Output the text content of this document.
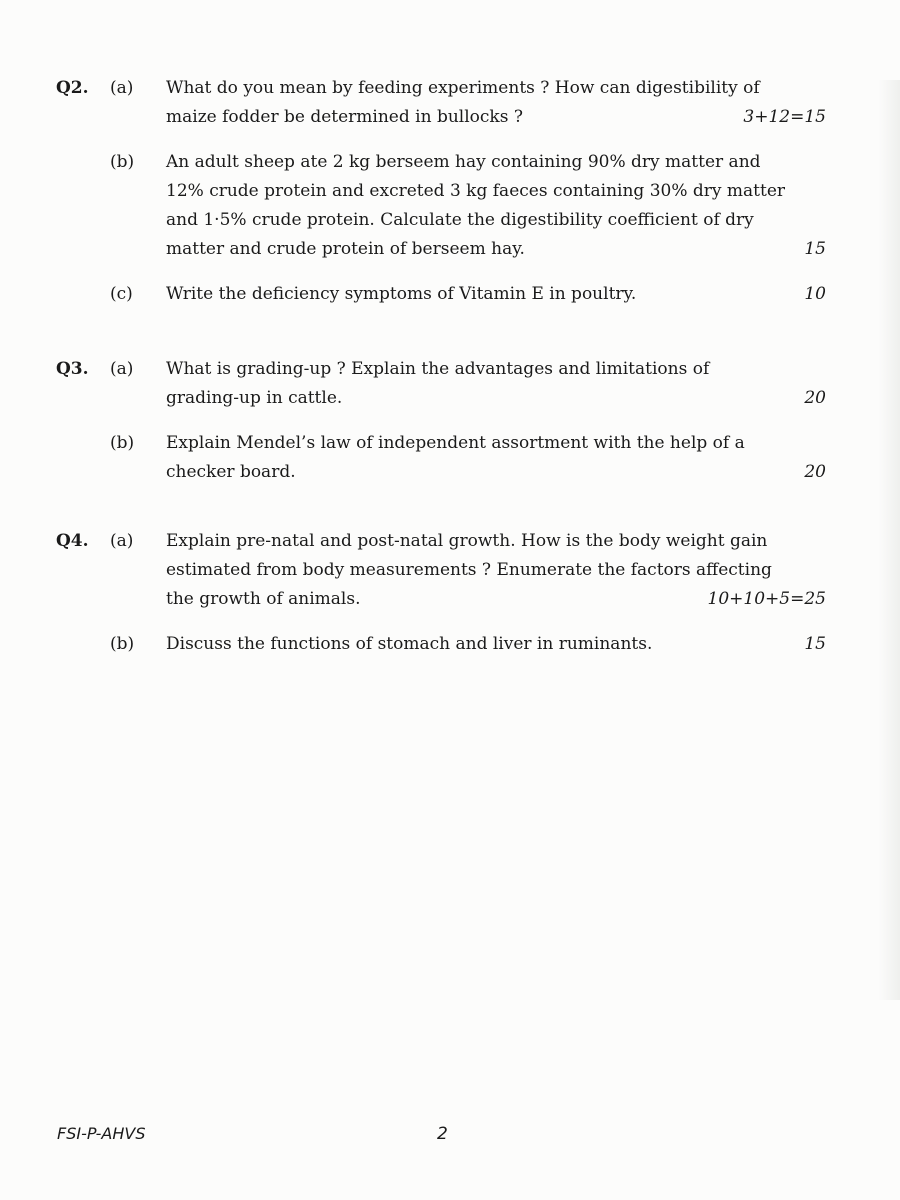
Q2.	(a)	What do you mean by feeding experiments ? How can digestibility of
maize fodder be determined in bullocks ?	3+12=15
(b)	An adult sheep ate 2 kg berseem hay containing 90% dry matter and
12% crude protein and excreted 3 kg faeces containing 30% dry matter
and 1·5% crude protein. Calculate the digestibility coefficient of dry
matter and crude protein of berseem hay.	15
(c)	Write the deficiency symptoms of Vitamin E in poultry.	10
Q3.	(a)	What is grading-up ? Explain the advantages and limitations of
grading-up in cattle.	20
(b)	Explain Mendel’s law of independent assortment with the help of a
checker board.	20
Q4.	(a)	Explain pre-natal and post-natal growth. How is the body weight gain
estimated from body measurements ? Enumerate the factors affecting
the growth of animals.	10+10+5=25
(b)	Discuss the functions of stomach and liver in ruminants.	15
FSI-P-AHVS	2
